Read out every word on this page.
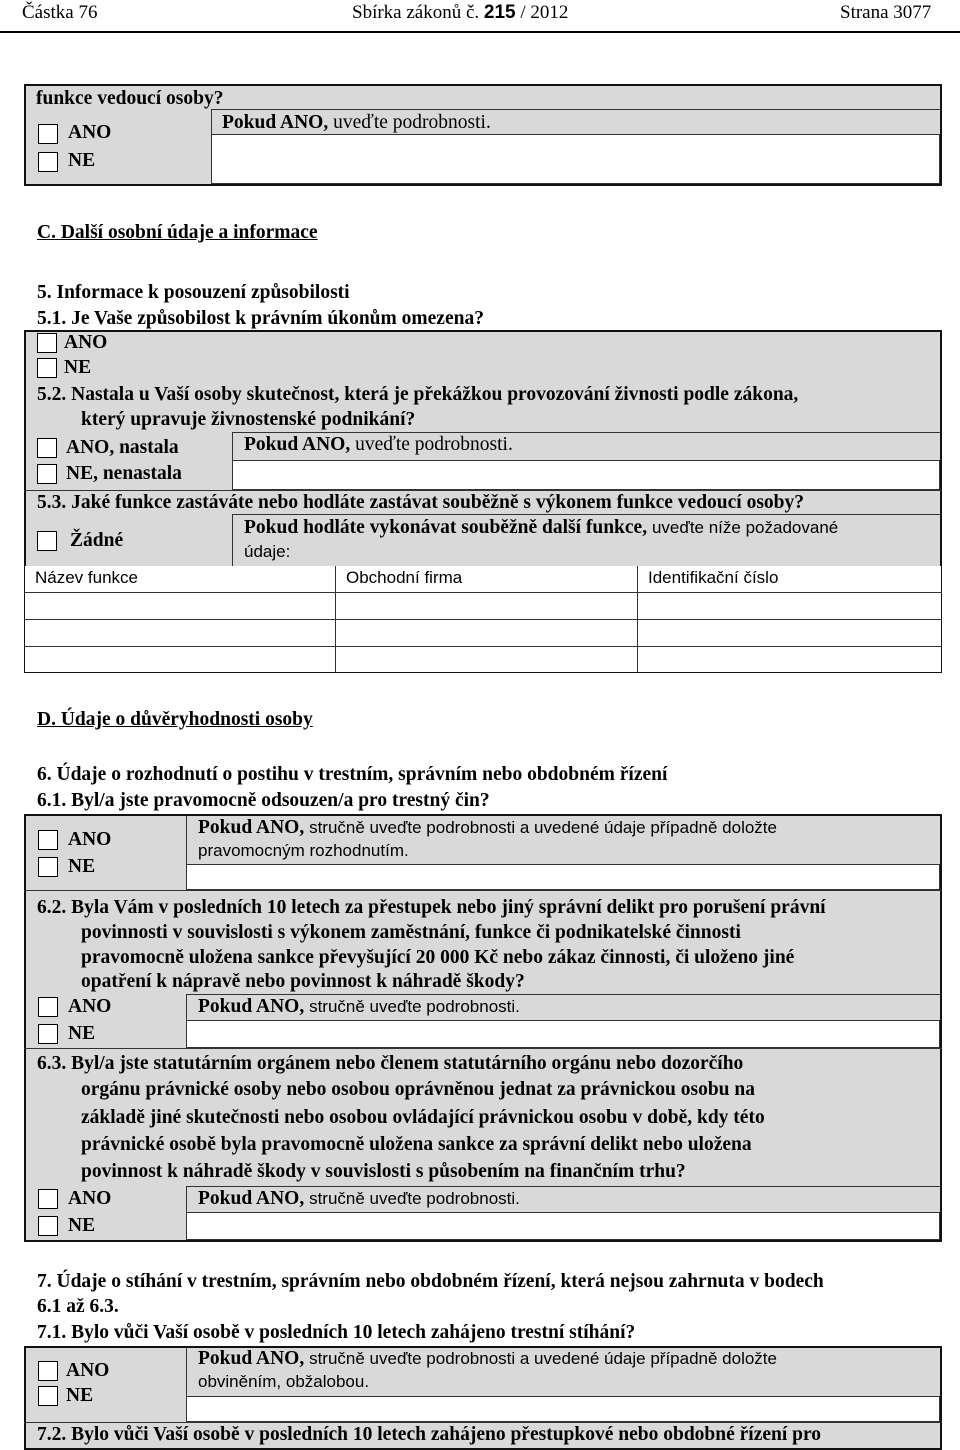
Částka 76	Sbírka zákonů č. 215 / 2012	Strana 3077
funkce vedoucí osoby?
Pokud ANO, uveďte podrobnosti.
ANO
NE
C. Další osobní údaje a informace
5. Informace k posouzení způsobilosti
5.1. Je Vaše způsobilost k právním úkonům omezena?
ANO
NE
5.2. Nastala u Vaší osoby skutečnost, která je překážkou provozování živnosti podle zákona,
který upravuje živnostenské podnikání?
Pokud ANO, uveďte podrobnosti.
ANO, nastala
NE, nenastala
5.3. Jaké funkce zastáváte nebo hodláte zastávat souběžně s výkonem funkce vedoucí osoby?
Žádné
Pokud hodláte vykonávat souběžně další funkce, uveďte níže požadované
údaje:
Název funkce	Obchodní firma	Identifikační číslo
D. Údaje o důvěryhodnosti osoby
6. Údaje o rozhodnutí o postihu v trestním, správním nebo obdobném řízení
6.1. Byl/a jste pravomocně odsouzen/a pro trestný čin?
Pokud ANO, stručně uveďte podrobnosti a uvedené údaje případně doložte
pravomocným rozhodnutím.
ANO
NE
6.2. Byla Vám v posledních 10 letech za přestupek nebo jiný správní delikt pro porušení právní
povinnosti v souvislosti s výkonem zaměstnání, funkce či podnikatelské činnosti
pravomocně uložena sankce převyšující 20 000 Kč nebo zákaz činnosti, či uloženo jiné
opatření k nápravě nebo povinnost k náhradě škody?
Pokud ANO, stručně uveďte podrobnosti.
ANO
NE
6.3. Byl/a jste statutárním orgánem nebo členem statutárního orgánu nebo dozorčího
orgánu právnické osoby nebo osobou oprávněnou jednat za právnickou osobu na
základě jiné skutečnosti nebo osobou ovládající právnickou osobu v době, kdy této
právnické osobě byla pravomocně uložena sankce za správní delikt nebo uložena
povinnost k náhradě škody v souvislosti s působením na finančním trhu?
Pokud ANO, stručně uveďte podrobnosti.
ANO
NE
7. Údaje o stíhání v trestním, správním nebo obdobném řízení, která nejsou zahrnuta v bodech
6.1 až 6.3.
7.1. Bylo vůči Vaší osobě v posledních 10 letech zahájeno trestní stíhání?
Pokud ANO, stručně uveďte podrobnosti a uvedené údaje případně doložte
obviněním, obžalobou.
ANO
NE
7.2. Bylo vůči Vaší osobě v posledních 10 letech zahájeno přestupkové nebo obdobné řízení pro
